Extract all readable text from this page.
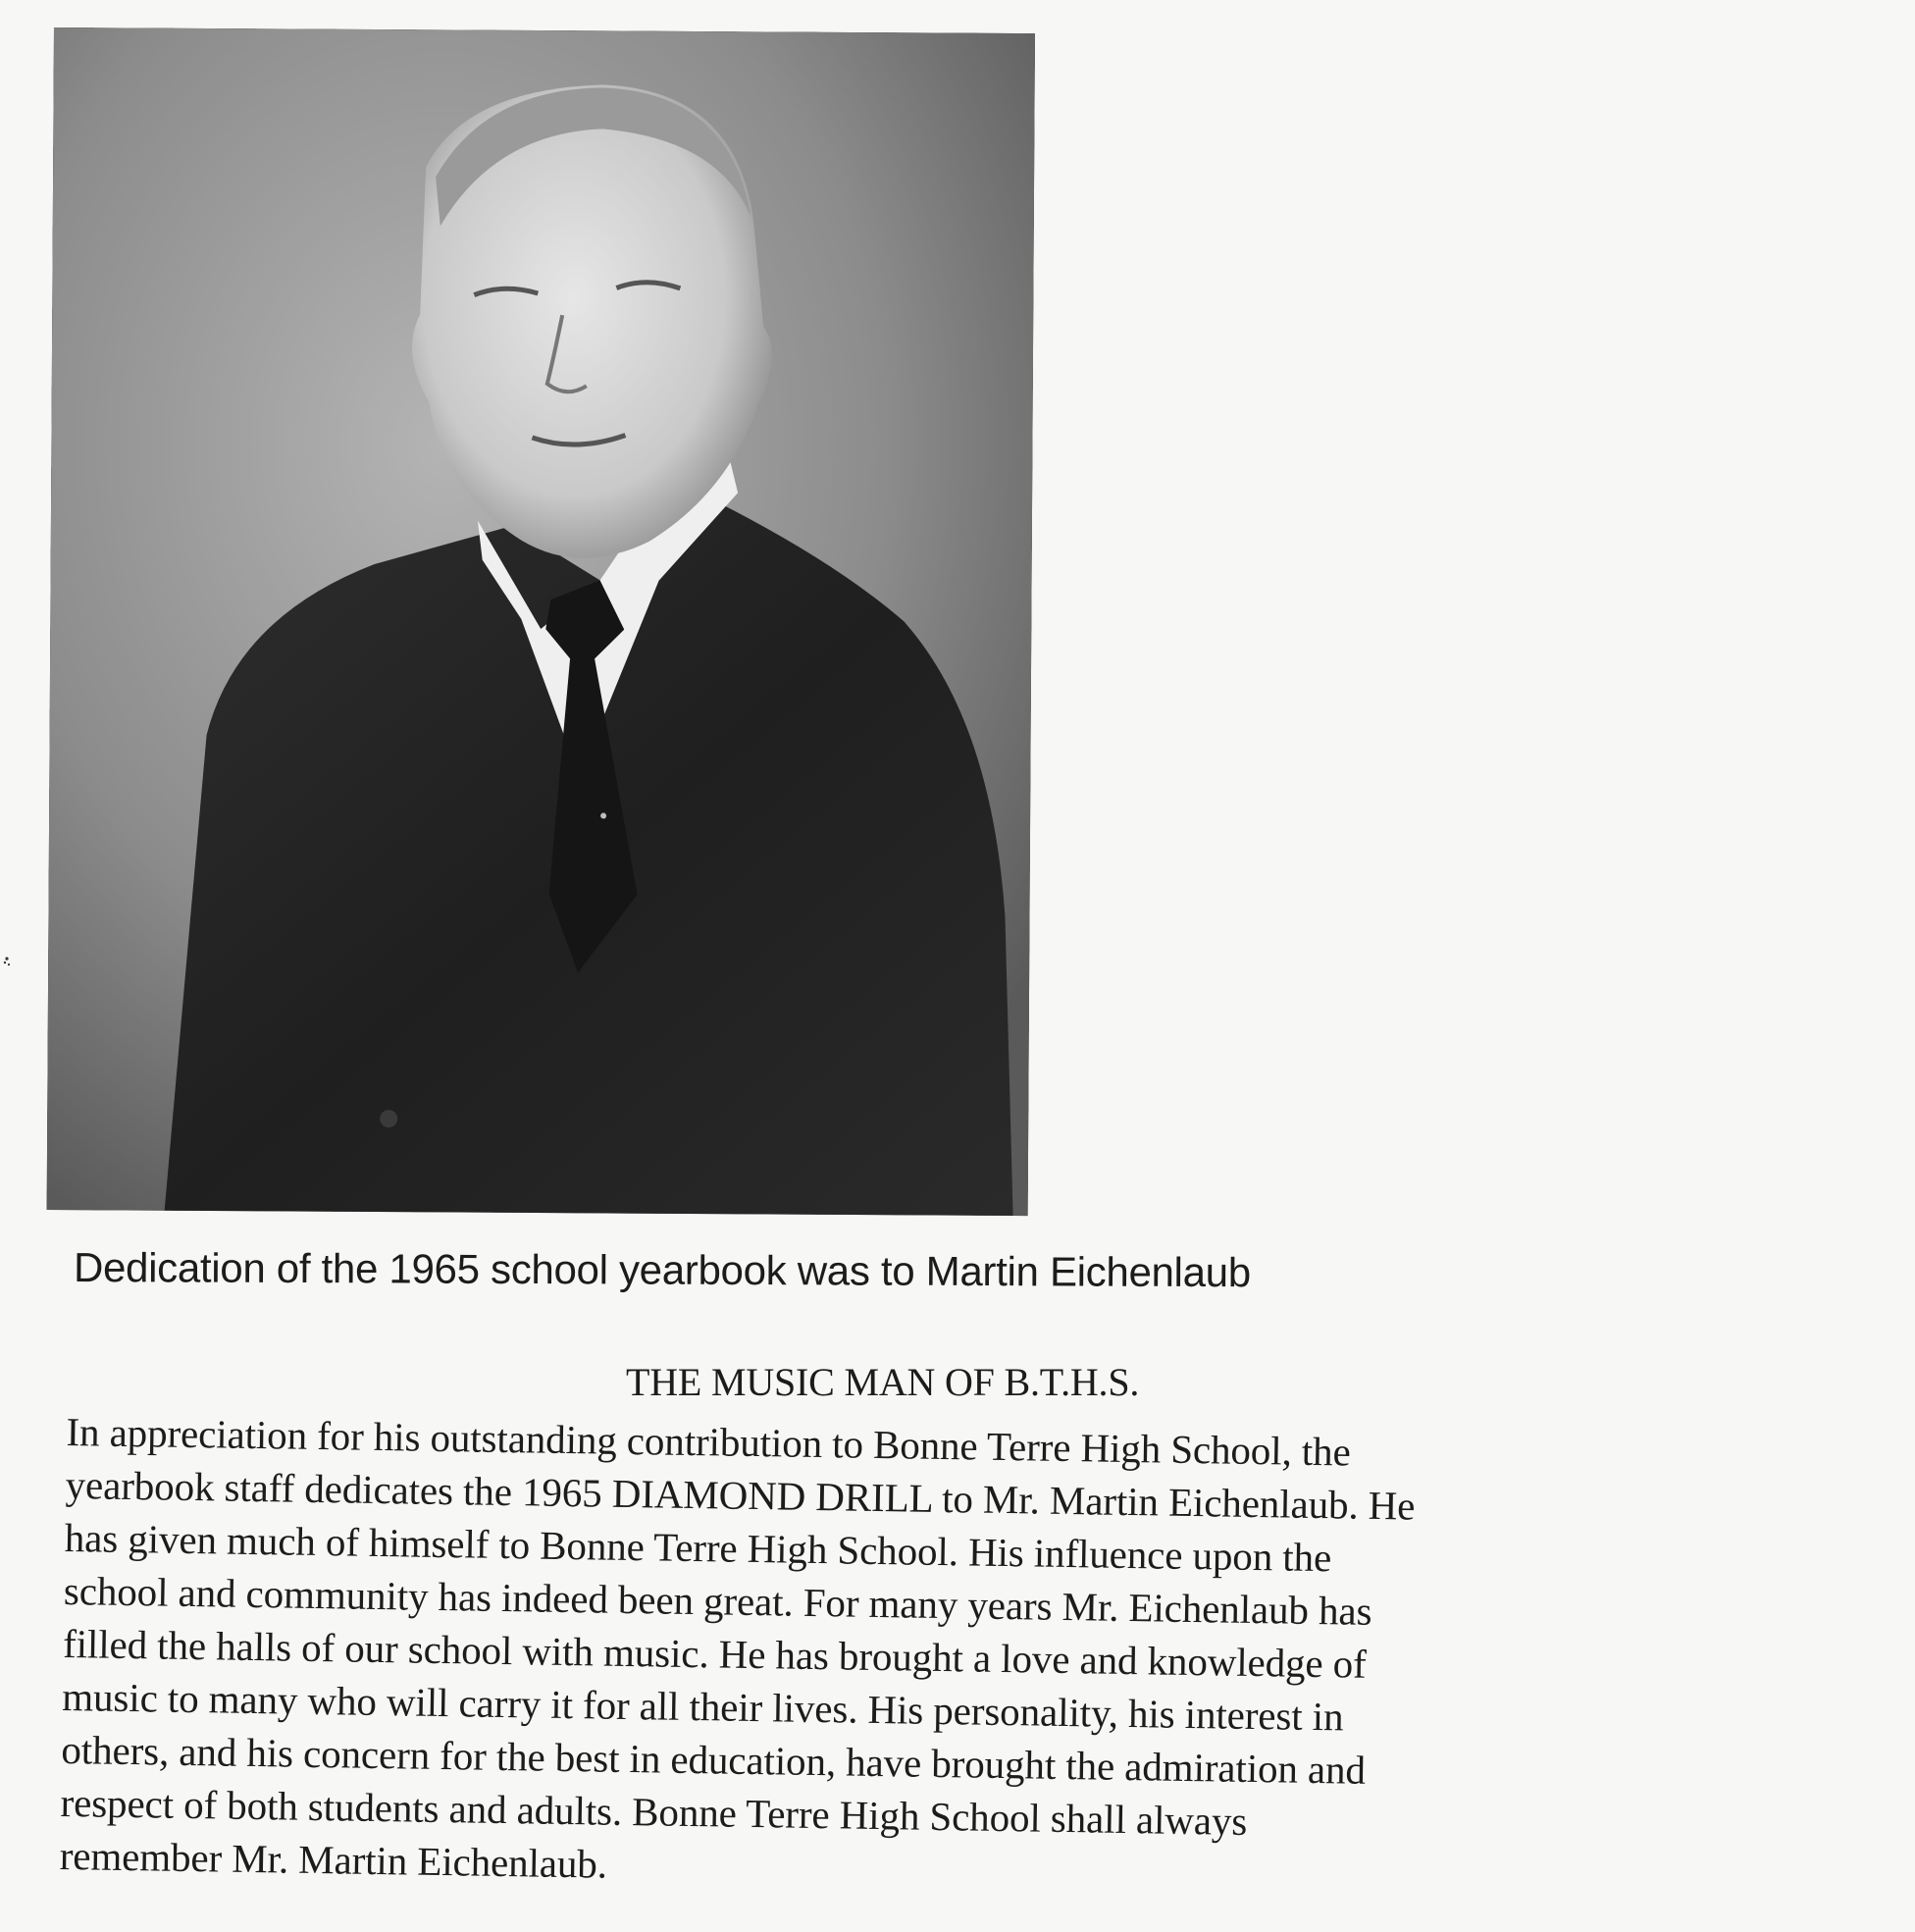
Dedication of the 1965 school yearbook was to Martin Eichenlaub
THE MUSIC MAN OF B.T.H.S.
In appreciation for his outstanding contribution to Bonne Terre High School, the
yearbook staff dedicates the 1965 DIAMOND DRILL to Mr. Martin Eichenlaub. He
has given much of himself to Bonne Terre High School. His influence upon the
school and community has indeed been great. For many years Mr. Eichenlaub has
filled the halls of our school with music. He has brought a love and knowledge of
music to many who will carry it for all their lives. His personality, his interest in
others, and his concern for the best in education, have brought the admiration and
respect of both students and adults. Bonne Terre High School shall always
remember Mr. Martin Eichenlaub.
